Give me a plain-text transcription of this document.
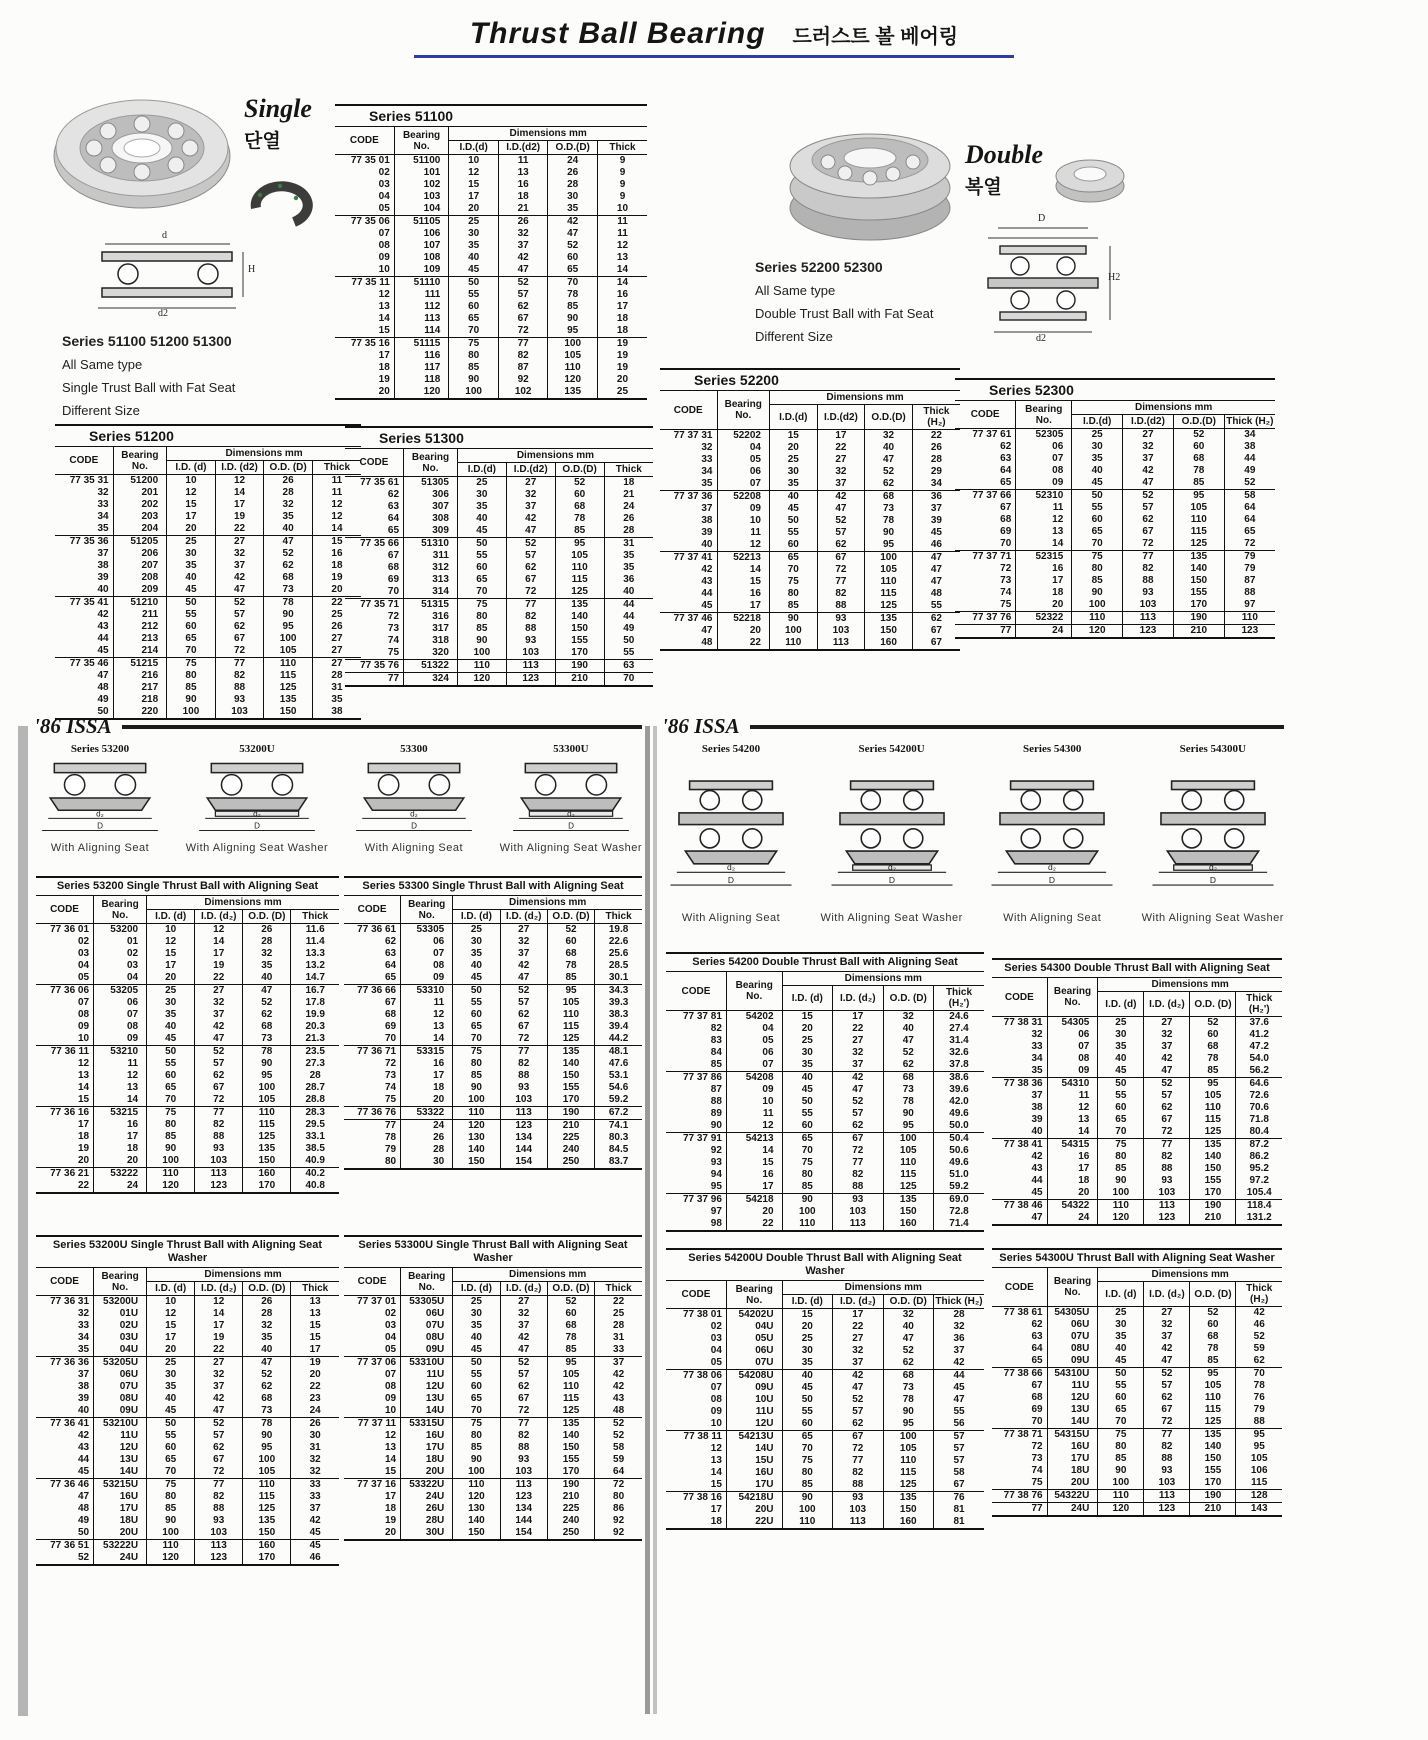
Thrust Ball Bearing 드러스트 볼 베어링
Single
단열
d
H
d2
Series 51100 51200 51300
All Same type
Single Trust Ball with Fat Seat
Different Size
Double
복열
D
H2
d2
Series 52200 52300
All Same type
Double Trust Ball with Fat Seat
Different Size
Series 51100
CODE	Bearing No.	Dimensions mm			
		I.D.(d)	I.D.(d2)	O.D.(D)	Thick
77 35 01	51100	10	11	24	9
02	101	12	13	26	9
03	102	15	16	28	9
04	103	17	18	30	9
05	104	20	21	35	10
77 35 06	51105	25	26	42	11
07	106	30	32	47	11
08	107	35	37	52	12
09	108	40	42	60	13
10	109	45	47	65	14
77 35 11	51110	50	52	70	14
12	111	55	57	78	16
13	112	60	62	85	17
14	113	65	67	90	18
15	114	70	72	95	18
77 35 16	51115	75	77	100	19
17	116	80	82	105	19
18	117	85	87	110	19
19	118	90	92	120	20
20	120	100	102	135	25
Series 51200
CODE	Bearing No.	Dimensions mm			
		I.D. (d)	I.D. (d2)	O.D. (D)	Thick
77 35 31	51200	10	12	26	11
32	201	12	14	28	11
33	202	15	17	32	12
34	203	17	19	35	12
35	204	20	22	40	14
77 35 36	51205	25	27	47	15
37	206	30	32	52	16
38	207	35	37	62	18
39	208	40	42	68	19
40	209	45	47	73	20
77 35 41	51210	50	52	78	22
42	211	55	57	90	25
43	212	60	62	95	26
44	213	65	67	100	27
45	214	70	72	105	27
77 35 46	51215	75	77	110	27
47	216	80	82	115	28
48	217	85	88	125	31
49	218	90	93	135	35
50	220	100	103	150	38
Series 51300
CODE	Bearing No.	Dimensions mm			
		I.D.(d)	I.D.(d2)	O.D.(D)	Thick
77 35 61	51305	25	27	52	18
62	306	30	32	60	21
63	307	35	37	68	24
64	308	40	42	78	26
65	309	45	47	85	28
77 35 66	51310	50	52	95	31
67	311	55	57	105	35
68	312	60	62	110	35
69	313	65	67	115	36
70	314	70	72	125	40
77 35 71	51315	75	77	135	44
72	316	80	82	140	44
73	317	85	88	150	49
74	318	90	93	155	50
75	320	100	103	170	55
77 35 76	51322	110	113	190	63
77	324	120	123	210	70
Series 52200
CODE	Bearing No.	Dimensions mm			
		I.D.(d)	I.D.(d2)	O.D.(D)	Thick (H₂)
77 37 31	52202	15	17	32	22
32	04	20	22	40	26
33	05	25	27	47	28
34	06	30	32	52	29
35	07	35	37	62	34
77 37 36	52208	40	42	68	36
37	09	45	47	73	37
38	10	50	52	78	39
39	11	55	57	90	45
40	12	60	62	95	46
77 37 41	52213	65	67	100	47
42	14	70	72	105	47
43	15	75	77	110	47
44	16	80	82	115	48
45	17	85	88	125	55
77 37 46	52218	90	93	135	62
47	20	100	103	150	67
48	22	110	113	160	67
Series 52300
CODE	Bearing No.	Dimensions mm			
		I.D.(d)	I.D.(d2)	O.D.(D)	Thick (H₂)
77 37 61	52305	25	27	52	34
62	06	30	32	60	38
63	07	35	37	68	44
64	08	40	42	78	49
65	09	45	47	85	52
77 37 66	52310	50	52	95	58
67	11	55	57	105	64
68	12	60	62	110	64
69	13	65	67	115	65
70	14	70	72	125	72
77 37 71	52315	75	77	135	79
72	16	80	82	140	79
73	17	85	88	150	87
74	18	90	93	155	88
75	20	100	103	170	97
77 37 76	52322	110	113	190	110
77	24	120	123	210	123
'86 ISSA
Series 53200
d₂
D
With Aligning Seat
53200U
d₂
D
With Aligning Seat Washer
53300
d₂
D
With Aligning Seat
53300U
d₂
D
With Aligning Seat Washer
Series 53200 Single Thrust Ball with Aligning Seat
CODE	Bearing No.	Dimensions mm			
		I.D. (d)	I.D. (d₂)	O.D. (D)	Thick
77 36 01	53200	10	12	26	11.6
02	01	12	14	28	11.4
03	02	15	17	32	13.3
04	03	17	19	35	13.2
05	04	20	22	40	14.7
77 36 06	53205	25	27	47	16.7
07	06	30	32	52	17.8
08	07	35	37	62	19.9
09	08	40	42	68	20.3
10	09	45	47	73	21.3
77 36 11	53210	50	52	78	23.5
12	11	55	57	90	27.3
13	12	60	62	95	28
14	13	65	67	100	28.7
15	14	70	72	105	28.8
77 36 16	53215	75	77	110	28.3
17	16	80	82	115	29.5
18	17	85	88	125	33.1
19	18	90	93	135	38.5
20	20	100	103	150	40.9
77 36 21	53222	110	113	160	40.2
22	24	120	123	170	40.8
Series 53300 Single Thrust Ball with Aligning Seat
CODE	Bearing No.	Dimensions mm			
		I.D. (d)	I.D. (d₂)	O.D. (D)	Thick
77 36 61	53305	25	27	52	19.8
62	06	30	32	60	22.6
63	07	35	37	68	25.6
64	08	40	42	78	28.5
65	09	45	47	85	30.1
77 36 66	53310	50	52	95	34.3
67	11	55	57	105	39.3
68	12	60	62	110	38.3
69	13	65	67	115	39.4
70	14	70	72	125	44.2
77 36 71	53315	75	77	135	48.1
72	16	80	82	140	47.6
73	17	85	88	150	53.1
74	18	90	93	155	54.6
75	20	100	103	170	59.2
77 36 76	53322	110	113	190	67.2
77	24	120	123	210	74.1
78	26	130	134	225	80.3
79	28	140	144	240	84.5
80	30	150	154	250	83.7
Series 53200U Single Thrust Ball with Aligning Seat Washer
CODE	Bearing No.	Dimensions mm			
		I.D. (d)	I.D. (d₂)	O.D. (D)	Thick
77 36 31	53200U	10	12	26	13
32	01U	12	14	28	13
33	02U	15	17	32	15
34	03U	17	19	35	15
35	04U	20	22	40	17
77 36 36	53205U	25	27	47	19
37	06U	30	32	52	20
38	07U	35	37	62	22
39	08U	40	42	68	23
40	09U	45	47	73	24
77 36 41	53210U	50	52	78	26
42	11U	55	57	90	30
43	12U	60	62	95	31
44	13U	65	67	100	32
45	14U	70	72	105	32
77 36 46	53215U	75	77	110	33
47	16U	80	82	115	33
48	17U	85	88	125	37
49	18U	90	93	135	42
50	20U	100	103	150	45
77 36 51	53222U	110	113	160	45
52	24U	120	123	170	46
Series 53300U Single Thrust Ball with Aligning Seat Washer
CODE	Bearing No.	Dimensions mm			
		I.D. (d)	I.D. (d₂)	O.D. (D)	Thick
77 37 01	53305U	25	27	52	22
02	06U	30	32	60	25
03	07U	35	37	68	28
04	08U	40	42	78	31
05	09U	45	47	85	33
77 37 06	53310U	50	52	95	37
07	11U	55	57	105	42
08	12U	60	62	110	42
09	13U	65	67	115	43
10	14U	70	72	125	48
77 37 11	53315U	75	77	135	52
12	16U	80	82	140	52
13	17U	85	88	150	58
14	18U	90	93	155	59
15	20U	100	103	170	64
77 37 16	53322U	110	113	190	72
17	24U	120	123	210	80
18	26U	130	134	225	86
19	28U	140	144	240	92
20	30U	150	154	250	92
'86 ISSA
Series 54200
d₂
D
With Aligning Seat
Series 54200U
d₂
D
With Aligning Seat Washer
Series 54300
d₂
D
With Aligning Seat
Series 54300U
d₂
D
With Aligning Seat Washer
Series 54200 Double Thrust Ball with Aligning Seat
CODE	Bearing No.	Dimensions mm			
		I.D. (d)	I.D. (d₂)	O.D. (D)	Thick (H₂')
77 37 81	54202	15	17	32	24.6
82	04	20	22	40	27.4
83	05	25	27	47	31.4
84	06	30	32	52	32.6
85	07	35	37	62	37.8
77 37 86	54208	40	42	68	38.6
87	09	45	47	73	39.6
88	10	50	52	78	42.0
89	11	55	57	90	49.6
90	12	60	62	95	50.0
77 37 91	54213	65	67	100	50.4
92	14	70	72	105	50.6
93	15	75	77	110	49.6
94	16	80	82	115	51.0
95	17	85	88	125	59.2
77 37 96	54218	90	93	135	69.0
97	20	100	103	150	72.8
98	22	110	113	160	71.4
Series 54300 Double Thrust Ball with Aligning Seat
CODE	Bearing No.	Dimensions mm			
		I.D. (d)	I.D. (d₂)	O.D. (D)	Thick (H₂')
77 38 31	54305	25	27	52	37.6
32	06	30	32	60	41.2
33	07	35	37	68	47.2
34	08	40	42	78	54.0
35	09	45	47	85	56.2
77 38 36	54310	50	52	95	64.6
37	11	55	57	105	72.6
38	12	60	62	110	70.6
39	13	65	67	115	71.8
40	14	70	72	125	80.4
77 38 41	54315	75	77	135	87.2
42	16	80	82	140	86.2
43	17	85	88	150	95.2
44	18	90	93	155	97.2
45	20	100	103	170	105.4
77 38 46	54322	110	113	190	118.4
47	24	120	123	210	131.2
Series 54200U Double Thrust Ball with Aligning Seat Washer
CODE	Bearing No.	Dimensions mm			
		I.D. (d)	I.D. (d₂)	O.D. (D)	Thick (H₂)
77 38 01	54202U	15	17	32	28
02	04U	20	22	40	32
03	05U	25	27	47	36
04	06U	30	32	52	37
05	07U	35	37	62	42
77 38 06	54208U	40	42	68	44
07	09U	45	47	73	45
08	10U	50	52	78	47
09	11U	55	57	90	55
10	12U	60	62	95	56
77 38 11	54213U	65	67	100	57
12	14U	70	72	105	57
13	15U	75	77	110	57
14	16U	80	82	115	58
15	17U	85	88	125	67
77 38 16	54218U	90	93	135	76
17	20U	100	103	150	81
18	22U	110	113	160	81
Series 54300U Thrust Ball with Aligning Seat Washer
CODE	Bearing No.	Dimensions mm			
		I.D. (d)	I.D. (d₂)	O.D. (D)	Thick (H₂)
77 38 61	54305U	25	27	52	42
62	06U	30	32	60	46
63	07U	35	37	68	52
64	08U	40	42	78	59
65	09U	45	47	85	62
77 38 66	54310U	50	52	95	70
67	11U	55	57	105	78
68	12U	60	62	110	76
69	13U	65	67	115	79
70	14U	70	72	125	88
77 38 71	54315U	75	77	135	95
72	16U	80	82	140	95
73	17U	85	88	150	105
74	18U	90	93	155	106
75	20U	100	103	170	115
77 38 76	54322U	110	113	190	128
77	24U	120	123	210	143
